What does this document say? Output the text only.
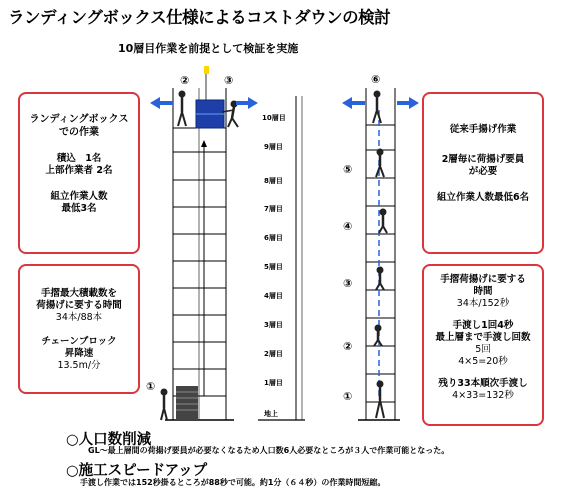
ランディングボックス仕様によるコストダウンの検討
10層目作業を前提として検証を実施

ランディングボックス

での作業

積込　1名

上部作業者 2名

組立作業人数

最低3名

手摺最大積載数を

荷揚げに要する時間

34本/88本

チェーンブロック

昇降速

13.5m/分

従来手揚げ作業

2層毎に荷揚げ要員

が必要

組立作業人数最低6名

手摺荷揚げに要する

時間

34本/152秒

手渡し1回4秒

最上層まで手渡し回数

5回

4×5=20秒

残り33本順次手渡し

4×33=132秒

10層目
9層目
8層目
7層目
6層目
5層目
4層目
3層目
2層目
1層目
地上
②	③
①
⑥
⑤
④
③
②
①
○人口数削減
GL～最上層間の荷揚げ要員が必要なくなるため人口数6人必要なところが３人で作業可能となった。
○施工スピードアップ
手渡し作業では152秒掛るところが88秒で可能。約1分（６４秒）の作業時間短縮。
